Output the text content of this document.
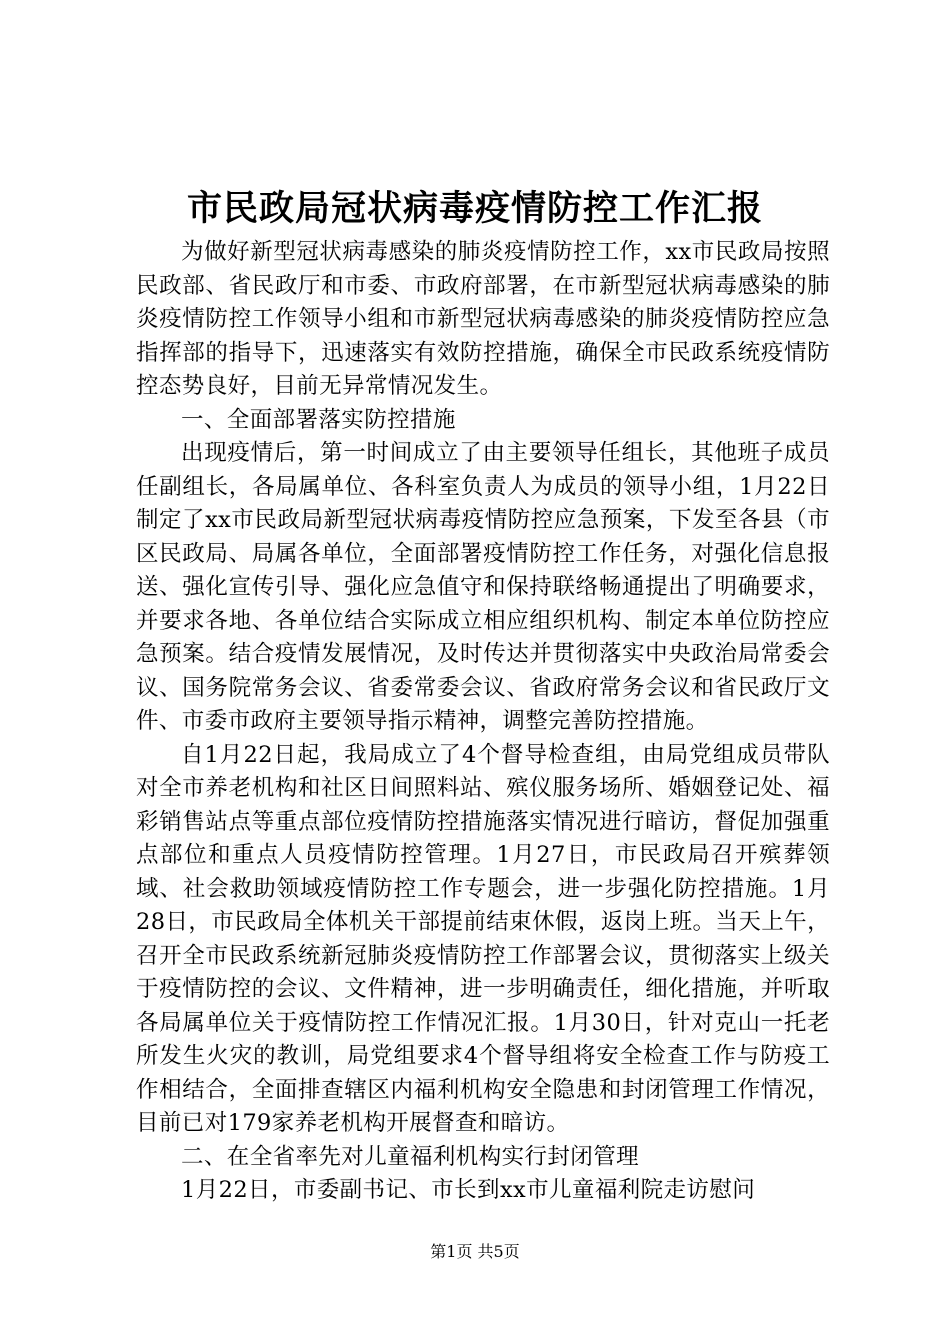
市民政局冠状病毒疫情防控工作汇报

为做好新型冠状病毒感染的肺炎疫情防控工作，xx市民政局按照民政部、省民政厅和市委、市政府部署，在市新型冠状病毒感染的肺炎疫情防控工作领导小组和市新型冠状病毒感染的肺炎疫情防控应急指挥部的指导下，迅速落实有效防控措施，确保全市民政系统疫情防控态势良好，目前无异常情况发生。

一、全面部署落实防控措施

出现疫情后，第一时间成立了由主要领导任组长，其他班子成员任副组长，各局属单位、各科室负责人为成员的领导小组，1月22日制定了xx市民政局新型冠状病毒疫情防控应急预案，下发至各县（市区民政局、局属各单位，全面部署疫情防控工作任务，对强化信息报送、强化宣传引导、强化应急值守和保持联络畅通提出了明确要求，并要求各地、各单位结合实际成立相应组织机构、制定本单位防控应急预案。结合疫情发展情况，及时传达并贯彻落实中央政治局常委会议、国务院常务会议、省委常委会议、省政府常务会议和省民政厅文件、市委市政府主要领导指示精神，调整完善防控措施。

自1月22日起，我局成立了4个督导检查组，由局党组成员带队对全市养老机构和社区日间照料站、殡仪服务场所、婚姻登记处、福彩销售站点等重点部位疫情防控措施落实情况进行暗访，督促加强重点部位和重点人员疫情防控管理。1月27日，市民政局召开殡葬领域、社会救助领域疫情防控工作专题会，进一步强化防控措施。1月28日，市民政局全体机关干部提前结束休假，返岗上班。当天上午，召开全市民政系统新冠肺炎疫情防控工作部署会议，贯彻落实上级关于疫情防控的会议、文件精神，进一步明确责任，细化措施，并听取各局属单位关于疫情防控工作情况汇报。1月30日，针对克山一托老所发生火灾的教训，局党组要求4个督导组将安全检查工作与防疫工作相结合，全面排查辖区内福利机构安全隐患和封闭管理工作情况，目前已对179家养老机构开展督查和暗访。

二、在全省率先对儿童福利机构实行封闭管理

1月22日，市委副书记、市长到xx市儿童福利院走访慰问

第1页 共5页
